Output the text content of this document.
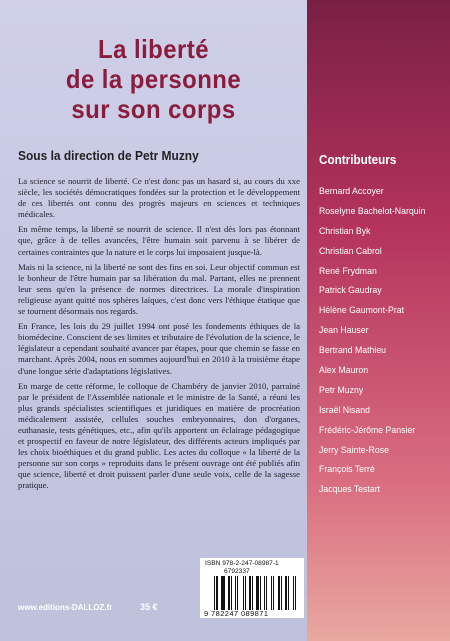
La liberté
de la personne
sur son corps
Sous la direction de Petr Muzny

La science se nourrit de liberté. Ce n'est donc pas un hasard si, au cours du xxe siècle, les sociétés démocratiques fondées sur la protection et le développement de ces libertés ont connu des progrès majeurs en sciences et techniques médicales.

En même temps, la liberté se nourrit de science. Il n'est dès lors pas étonnant que, grâce à de telles avancées, l'être humain soit parvenu à se libérer de certaines contraintes que la nature et le corps lui imposaient jusque-là.

Mais ni la science, ni la liberté ne sont des fins en soi. Leur objectif commun est le bonheur de l'être humain par sa libération du mal. Partant, elles ne prennent leur sens qu'en la présence de normes directrices. La morale d'inspiration religieuse ayant quitté nos sphères laïques, c'est donc vers l'éthique étatique que se tournent désormais nos regards.

En France, les lois du 29 juillet 1994 ont posé les fondements éthiques de la biomédecine. Conscient de ses limites et tributaire de l'évolution de la science, le législateur a cependant souhaité avancer par étapes, pour que chemin se fasse en marchant. Après 2004, nous en sommes aujourd'hui en 2010 à la troisième étape d'une longue série d'adaptations législatives.

En marge de cette réforme, le colloque de Chambéry de janvier 2010, parrainé par le président de l'Assemblée nationale et le ministre de la Santé, a réuni les plus grands spécialistes scientifiques et juridiques en matière de procréation médicalement assistée, cellules souches embryonnaires, don d'organes, euthanasie, tests génétiques, etc., afin qu'ils apportent un éclairage pédagogique et prospectif en faveur de notre législateur, des différents acteurs impliqués par les choix bioéthiques et du grand public. Les actes du colloque « la liberté de la personne sur son corps » reproduits dans le présent ouvrage ont été publiés afin que science, liberté et droit puissent parler d'une seule voix, celle de la sagesse pratique.

Contributeurs
Bernard Accoyer
Roselyne Bachelot-Narquin
Christian Byk
Christian Cabrol
René Frydman
Patrick Gaudray
Hélène Gaumont-Prat
Jean Hauser
Bertrand Mathieu
Alex Mauron
Petr Muzny
Israël Nisand
Frédéric-Jérôme Pansier
Jerry Sainte-Rose
François Terré
Jacques Testart
ISBN 978-2-247-08987-1
6792337
9 782247 089871
www.editions-DALLOZ.fr	35 €
